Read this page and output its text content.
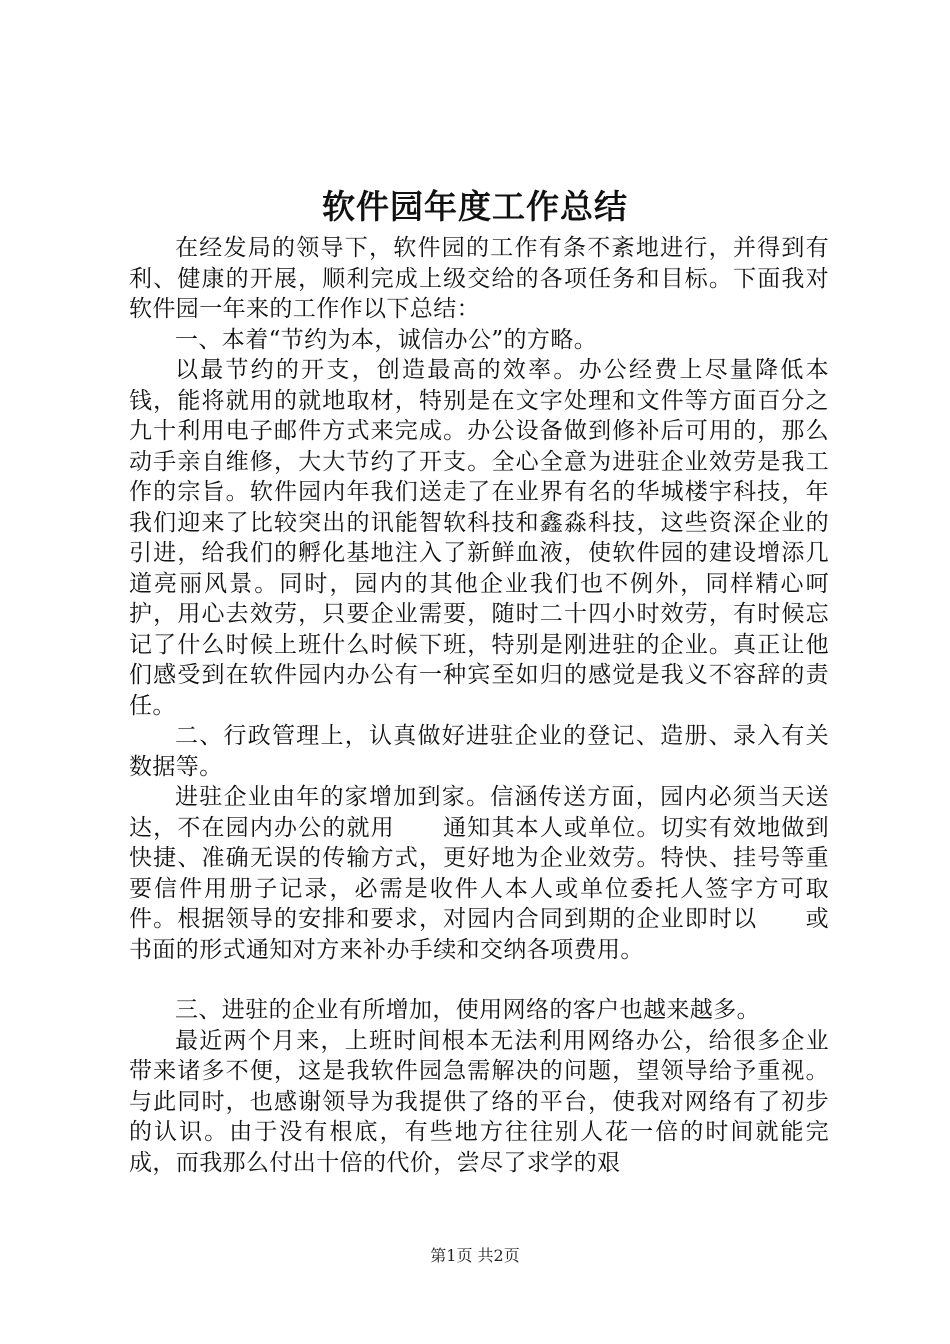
软件园年度工作总结

在经发局的领导下，软件园的工作有条不紊地进行，并得到有利、健康的开展，顺利完成上级交给的各项任务和目标。下面我对软件园一年来的工作作以下总结：

一、本着“节约为本，诚信办公”的方略。

以最节约的开支，创造最高的效率。办公经费上尽量降低本钱，能将就用的就地取材，特别是在文字处理和文件等方面百分之九十利用电子邮件方式来完成。办公设备做到修补后可用的，那么动手亲自维修，大大节约了开支。全心全意为进驻企业效劳是我工作的宗旨。软件园内年我们送走了在业界有名的华城楼宇科技，年我们迎来了比较突出的讯能智软科技和鑫淼科技，这些资深企业的引进，给我们的孵化基地注入了新鲜血液，使软件园的建设增添几道亮丽风景。同时，园内的其他企业我们也不例外，同样精心呵护，用心去效劳，只要企业需要，随时二十四小时效劳，有时候忘记了什么时候上班什么时候下班，特别是刚进驻的企业。真正让他们感受到在软件园内办公有一种宾至如归的感觉是我义不容辞的责任。

二、行政管理上，认真做好进驻企业的登记、造册、录入有关数据等。

进驻企业由年的家增加到家。信涵传送方面，园内必须当天送达，不在园内办公的就用　　通知其本人或单位。切实有效地做到快捷、准确无误的传输方式，更好地为企业效劳。特快、挂号等重要信件用册子记录，必需是收件人本人或单位委托人签字方可取件。根据领导的安排和要求，对园内合同到期的企业即时以　　或书面的形式通知对方来补办手续和交纳各项费用。

三、进驻的企业有所增加，使用网络的客户也越来越多。

最近两个月来，上班时间根本无法利用网络办公，给很多企业带来诸多不便，这是我软件园急需解决的问题，望领导给予重视。与此同时，也感谢领导为我提供了络的平台，使我对网络有了初步的认识。由于没有根底，有些地方往往别人花一倍的时间就能完成，而我那么付出十倍的代价，尝尽了求学的艰

第1页 共2页
